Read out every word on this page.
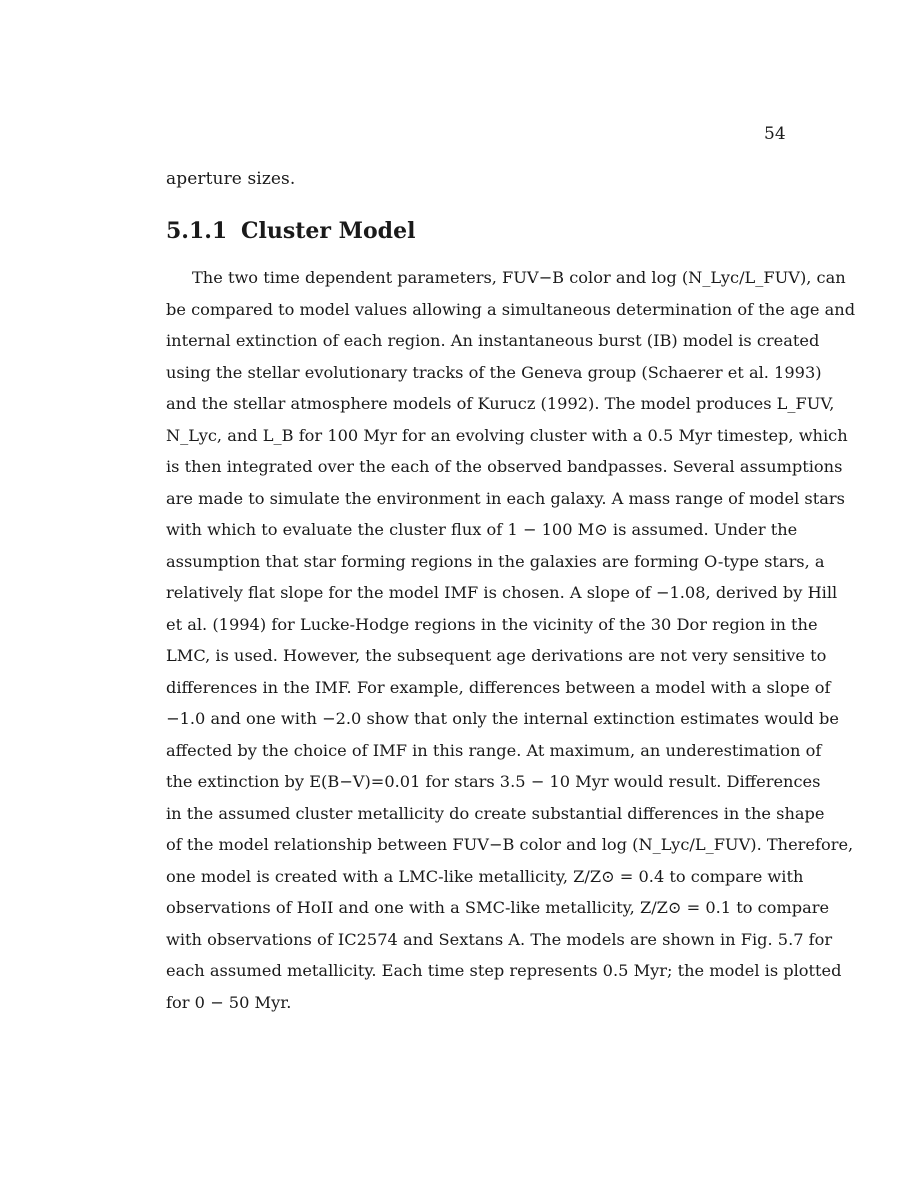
54
aperture sizes.
5.1.1 Cluster Model
The two time dependent parameters, FUV−B color and log (N_Lyc/L_FUV), can
be compared to model values allowing a simultaneous determination of the age and
internal extinction of each region. An instantaneous burst (IB) model is created
using the stellar evolutionary tracks of the Geneva group (Schaerer et al. 1993)
and the stellar atmosphere models of Kurucz (1992). The model produces L_FUV,
N_Lyc, and L_B for 100 Myr for an evolving cluster with a 0.5 Myr timestep, which
is then integrated over the each of the observed bandpasses. Several assumptions
are made to simulate the environment in each galaxy. A mass range of model stars
with which to evaluate the cluster flux of 1 − 100 M⊙ is assumed. Under the
assumption that star forming regions in the galaxies are forming O-type stars, a
relatively flat slope for the model IMF is chosen. A slope of −1.08, derived by Hill
et al. (1994) for Lucke-Hodge regions in the vicinity of the 30 Dor region in the
LMC, is used. However, the subsequent age derivations are not very sensitive to
differences in the IMF. For example, differences between a model with a slope of
−1.0 and one with −2.0 show that only the internal extinction estimates would be
affected by the choice of IMF in this range. At maximum, an underestimation of
the extinction by E(B−V)=0.01 for stars 3.5 − 10 Myr would result. Differences
in the assumed cluster metallicity do create substantial differences in the shape
of the model relationship between FUV−B color and log (N_Lyc/L_FUV). Therefore,
one model is created with a LMC-like metallicity, Z/Z⊙ = 0.4 to compare with
observations of HoII and one with a SMC-like metallicity, Z/Z⊙ = 0.1 to compare
with observations of IC2574 and Sextans A. The models are shown in Fig. 5.7 for
each assumed metallicity. Each time step represents 0.5 Myr; the model is plotted
for 0 − 50 Myr.
